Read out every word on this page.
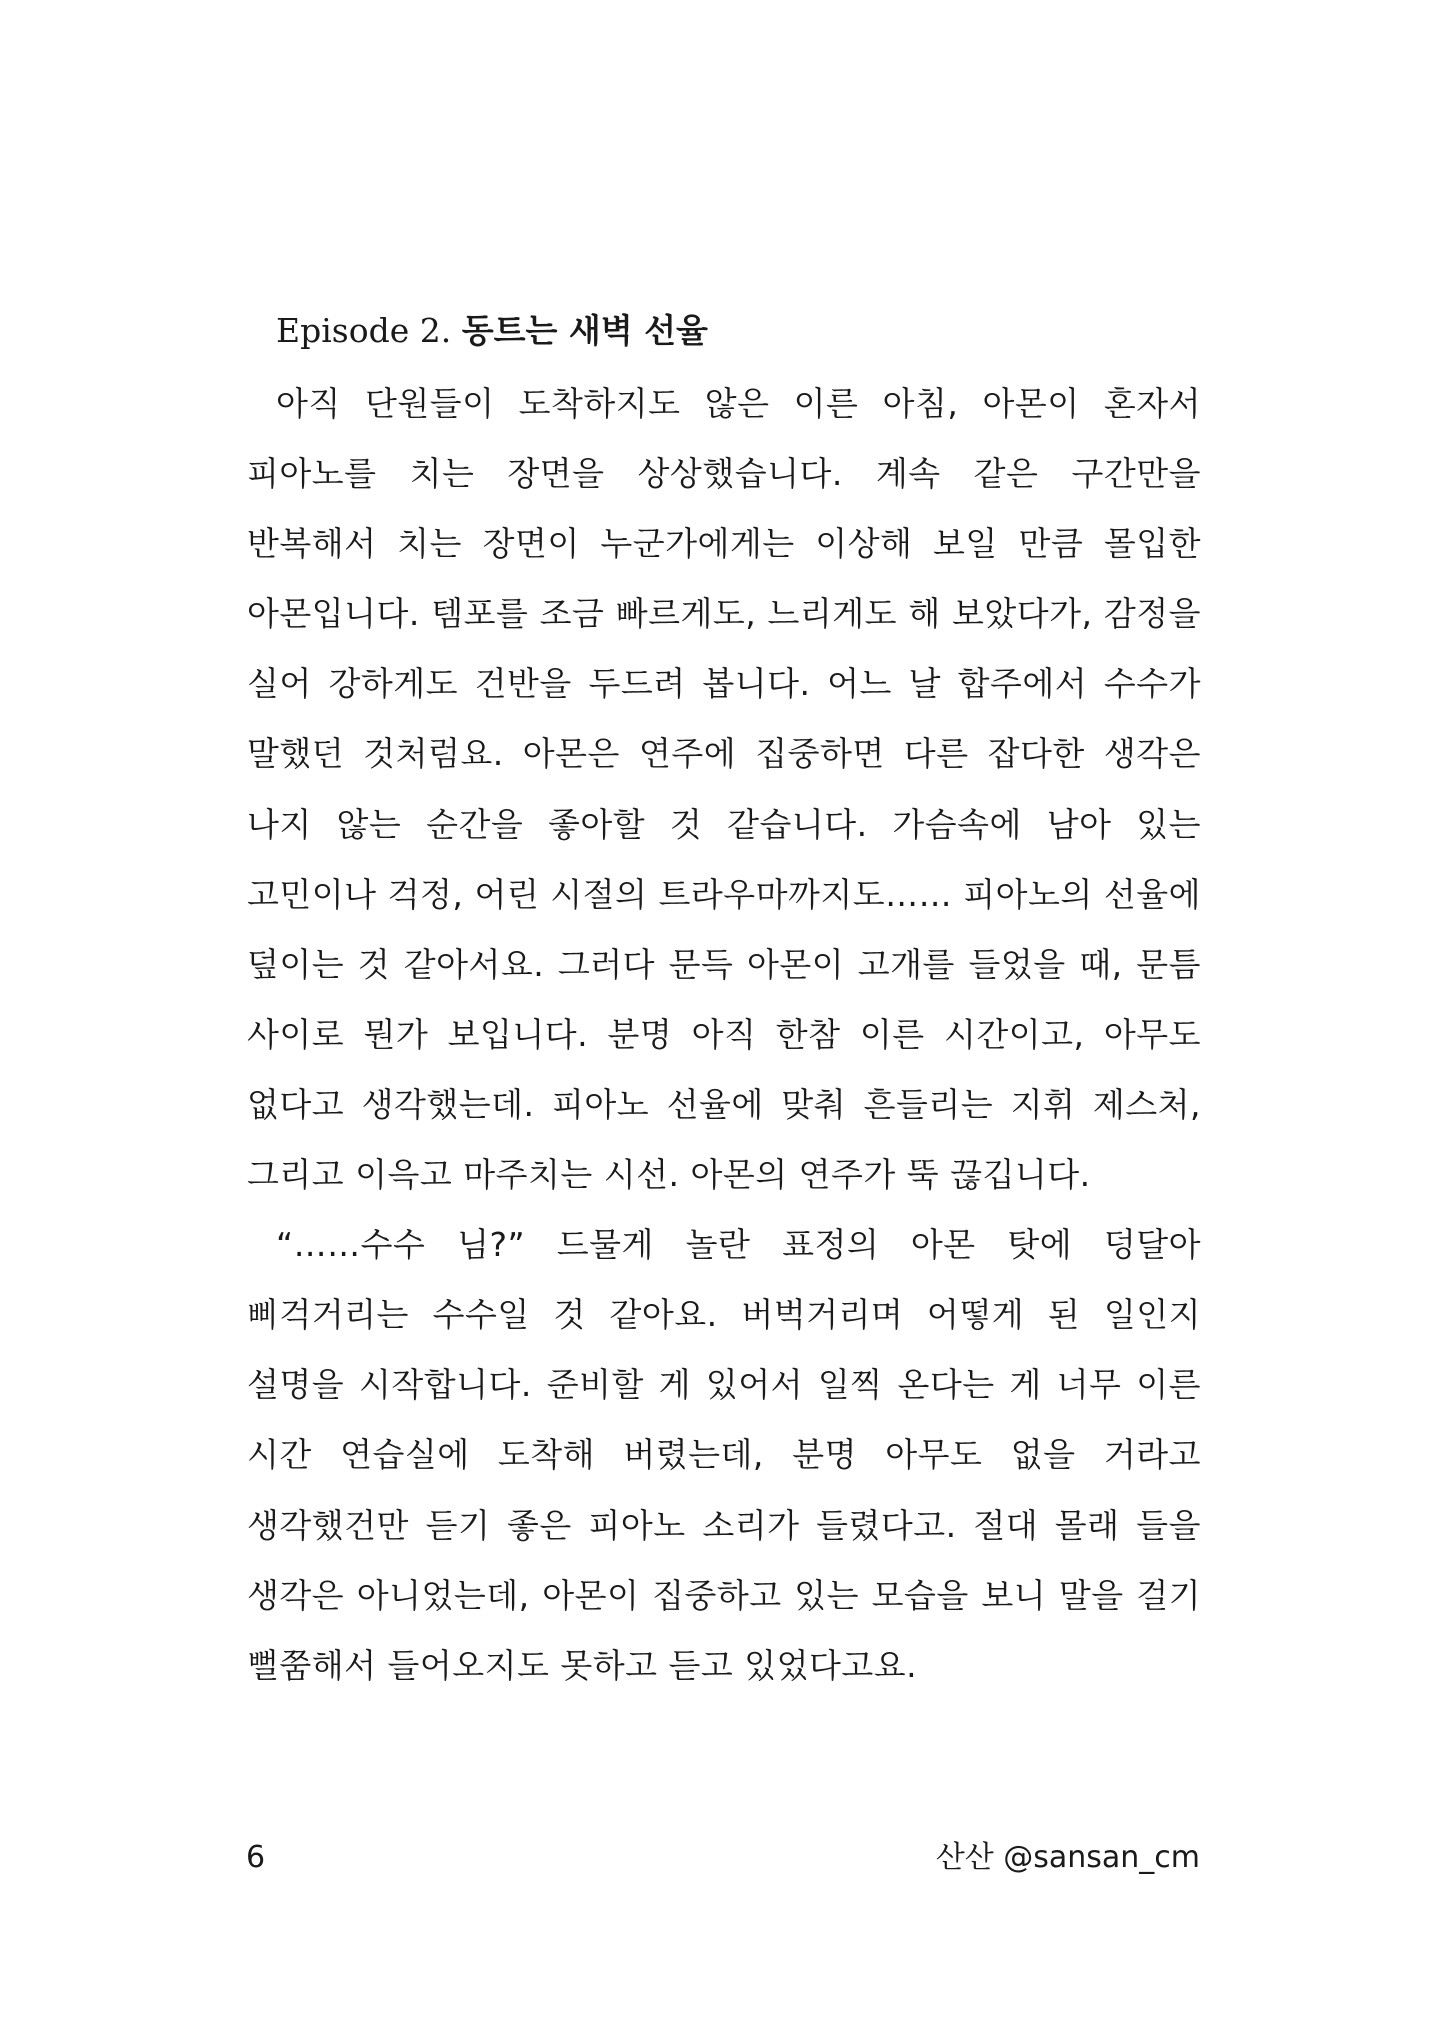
Episode 2. 동트는 새벽 선율
아직 단원들이 도착하지도 않은 이른 아침, 아몬이 혼자서
피아노를 치는 장면을 상상했습니다. 계속 같은 구간만을
반복해서 치는 장면이 누군가에게는 이상해 보일 만큼 몰입한
아몬입니다. 템포를 조금 빠르게도, 느리게도 해 보았다가, 감정을
실어 강하게도 건반을 두드려 봅니다. 어느 날 합주에서 수수가
말했던 것처럼요. 아몬은 연주에 집중하면 다른 잡다한 생각은
나지 않는 순간을 좋아할 것 같습니다. 가슴속에 남아 있는
고민이나 걱정, 어린 시절의 트라우마까지도…… 피아노의 선율에
덮이는 것 같아서요. 그러다 문득 아몬이 고개를 들었을 때, 문틈
사이로 뭔가 보입니다. 분명 아직 한참 이른 시간이고, 아무도
없다고 생각했는데. 피아노 선율에 맞춰 흔들리는 지휘 제스처,
그리고 이윽고 마주치는 시선. 아몬의 연주가 뚝 끊깁니다.
“……수수 님?” 드물게 놀란 표정의 아몬 탓에 덩달아
삐걱거리는 수수일 것 같아요. 버벅거리며 어떻게 된 일인지
설명을 시작합니다. 준비할 게 있어서 일찍 온다는 게 너무 이른
시간 연습실에 도착해 버렸는데, 분명 아무도 없을 거라고
생각했건만 듣기 좋은 피아노 소리가 들렸다고. 절대 몰래 들을
생각은 아니었는데, 아몬이 집중하고 있는 모습을 보니 말을 걸기
뻘쭘해서 들어오지도 못하고 듣고 있었다고요.
6	산산 @sansan_cm
